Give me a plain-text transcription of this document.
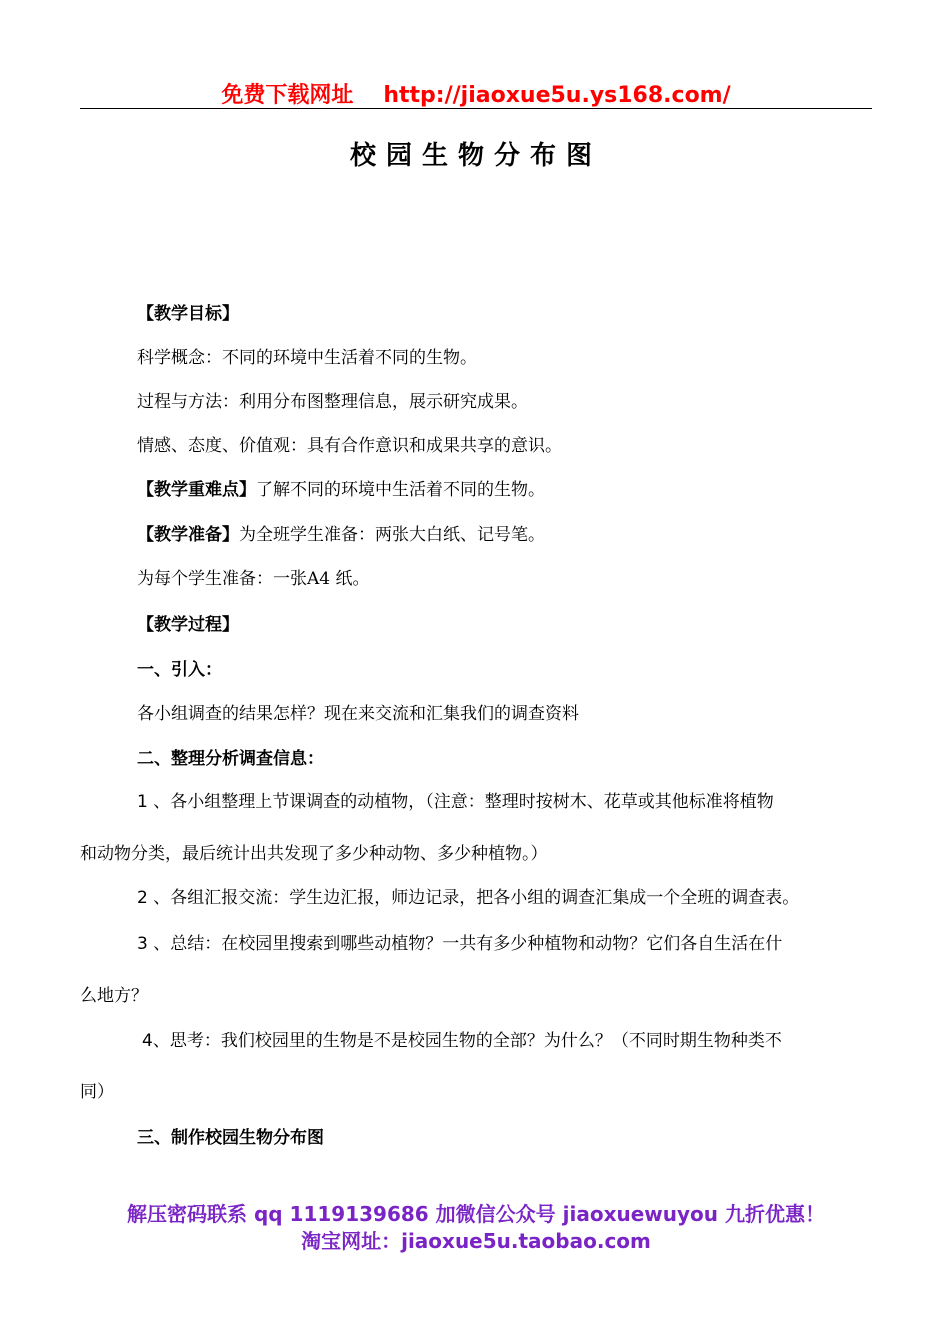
免费下载网址 http://jiaoxue5u.ys168.com/
校园生物分布图
【教学目标】
科学概念：不同的环境中生活着不同的生物。
过程与方法：利用分布图整理信息，展示研究成果。
情感、态度、价值观：具有合作意识和成果共享的意识。
【教学重难点】了解不同的环境中生活着不同的生物。
【教学准备】为全班学生准备：两张大白纸、记号笔。
为每个学生准备：一张A4 纸。
【教学过程】
一、引入：
各小组调查的结果怎样？现在来交流和汇集我们的调查资料
二、整理分析调查信息：
1 、各小组整理上节课调查的动植物，（注意：整理时按树木、花草或其他标准将植物
和动物分类，最后统计出共发现了多少种动物、多少种植物。）
2 、各组汇报交流：学生边汇报，师边记录，把各小组的调查汇集成一个全班的调查表。
3 、总结：在校园里搜索到哪些动植物？一共有多少种植物和动物？它们各自生活在什
么地方？
4、思考：我们校园里的生物是不是校园生物的全部？为什么？（不同时期生物种类不
同）
三、制作校园生物分布图
解压密码联系 qq 1119139686 加微信公众号 jiaoxuewuyou 九折优惠！
淘宝网址：jiaoxue5u.taobao.com
